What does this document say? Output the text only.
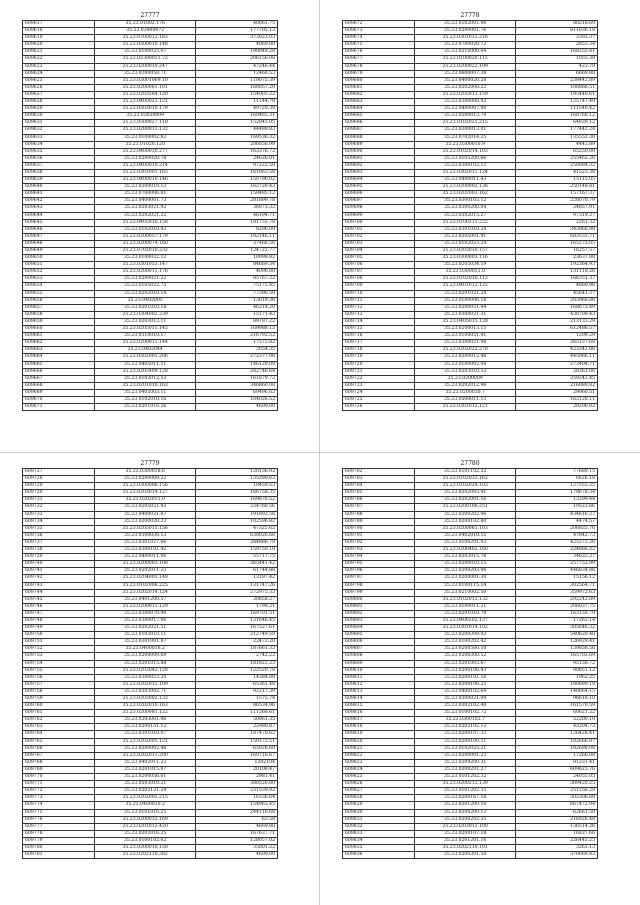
27777
609617	35.23.01002.176	40061.75
609618	35.23.03400072	177705.13
609619	35.23.0700012.183	373023.03
609620	35.23.0500010.148	4069.00
609621	35.23.0100025.07	190049.28
609622	35.23.02300011.72	206156.08
609623	35.23.0200010.247	47246.44
609624	35.23.0200050.71	12460.53
609625	35.23.03001069.10	119075.39
609626	35.23.0200081.101	168057.20
609627	35.23.0203584.120	154003.22
609628	35.23.0400023.121	11144.78
609629	35.23.0503010.179	49720.39
609630	35.23.03030009	160465.31
609631	35.23.0500027.110	152045.05
609632	35.23.0200011.132	44489.83
609633	35.23.0100002.82	169536.32
609634	35.23.01020.120	286856.99
609635	35.23.0400030.277	163376.72
609636	35.23.0200020.78	24626.01
609637	35.23.0400010.214	97222.50
609638	35.23.0301001.165	161063.58
609639	35.23.0400010.146	150796.02
609640	35.23.0200019.13	162720.43
609641	35.23.0700006.01	150485.12
609642	35.23.0400001.73	281899.78
609643	35.23.0203021.92	36873.32
609644	35.23.0202021.22	46194.71
609645	35.23.0405010.158	181755.78
609646	35.23.0102010.43	8296.09
609647	35.23.0200057.179	102146.11
609648	35.23.0200074.160	37466.56
609649	35.23.0702010.232	124722.77
609650	35.23.0100032.12	10098.82
609651	35.23.0301053.147	84669.34
609652	35.23.0200011.176	4096.00
609653	35.23.0200021.22	85767.22
609654	35.23.0105022.75	75175.45
609655	35.23.0202010.14	77390.50
609656	35.23.0402005	13019.36
609657	35.23.0201010.18	46314.20
609658	35.23.0304002.239	15171.42
609659	35.23.0203013.11	89797.22
609660	35.23.0205011.145	169988.13
609661	35.23.0310010.17	216792.52
609662	35.23.0200011.144	17575.82
609663	35.23.0402044	3054.35
609664	35.23.0502001.206	272377.06
609665	35.23.0405011.11	146129.09
609666	35.23.0203409.128	282746.64
609667	35.23.0102012.53	161879.72
609668	35.23.0201010.163	346860.08
609669	35.23.0405003.11	69496.63
609670	35.23.0102010.16	104026.52
609671	35.23.0201016.26	4609.00
27778
609672	35.23.0102001.96	80218.69
609673	35.23.0200001.76	811036.18
609674	35.23.0301013.216	2392.37
609675	35.23.0700020.72	2853.34
609676	35.23.0210000.04	168255.41
609677	35.23.0100020.115	1055.39
609678	35.23.0200022.199	423.79
609679	35.23.0600007.38	6669.88
609680	35.23.0400020.28	238442.89
609681	35.23.0202000.22	108866.51
609682	35.23.0205013.159	195440.61
609683	35.23.0300008.92	125747.49
609684	35.23.0400007.90	111540.42
609685	35.23.0500013.79	168768.12
609686	35.23.0102021.215	64839.12
609687	35.23.0200013.01	177442.24
609688	35.23.0702014.25	135552.30
609689	35.23.0300010.9	4443.89
609690	35.23.0102014.103	65250.00
609691	35.23.0105200.66	255462.26
609692	35.23.0300102.12	250084.32
609693	35.23.0302011.124	41523.38
609694	35.23.0400011.43	15115.05
609695	35.23.0200002.136	250148.81
609696	35.23.0202003.162	157167.37
609697	35.23.0300103.12	228070.79
609698	35.23.0300200.04	34857.91
609699	35.23.0302015.27	97319.27
609700	35.23.0100311.222	2261.32
609701	35.23.0301010.24	343968.98
609702	35.23.0205001.91	683533.71
609703	35.23.0102023.24	165275.05
609704	35.23.0203010.157	16257.57
609705	35.23.0300003.116	23637.88
609706	35.23.0205034.19	192364.93
609707	35.23.0300011.0	131118.26
609708	35.23.0102010.112	166351.37
609709	35.23.0401012.122	4869.96
609710	35.23.0201021.28	45641.37
609711	35.23.0100006.18	203968.86
609712	35.23.0200031.94	168673.49
609713	35.23.0300021.31	438709.43
609714	35.23.0405015.128	213133.29
609715	35.23.0200013.15	612486.57
609716	35.23.0100051.41	1299.29
609717	35.23.0300021.98	265137.68
609718	35.23.0202022.278	423342.06
609719	35.23.0200012.46	445966.11
609720	35.23.0100002.04	273404.71
609721	35.23.0203010.52	28361.06
609722	35.23.0200009	359242.45
609723	35.23.0202012.96	216089.82
609724	35.23.0200030.7	29060.51
609725	35.23.0500011.13	163128.11
609726	35.23.0301012.121	29206.02
27779
609727	35.23.0300018.6	120136.92
609728	35.23.0200009.22	135289.63
609729	35.23.0300006.156	19459.53
609730	35.23.0203014.127	166758.35
609731	35.23.0202011.0	169876.52
609732	35.23.0205021.93	234760.56
609733	35.23.0400021.67	191893.56
609734	35.23.0200020.23	102596.82
609735	35.23.0205011.156	47325.62
609736	35.23.0300030.13	638026.66
609737	35.23.0301027.06	284886.79
609738	35.23.0300101.42	159750.10
609739	35.23.0400011.06	55717.75
609740	35.23.0200003.108	365441.42
609741	35.23.0202011.23	61744.88
609742	35.23.0204001.149	13197.42
609743	35.23.0102006.225	131747.26
609744	35.23.0202014.124	272975.33
609745	35.23.0401200.57	30658.27
609746	35.23.0200011.129	1799.21
609747	35.23.0300070.90	169701.51
609748	35.23.0300017.06	131646.45
609749	35.23.0202021.51	167527.61
609750	35.23.0103010.11	212749.59
609751	35.23.0301001.87	22473.20
609752	35.23.0400016.2	187661.33
609753	35.23.0200009.69	2742.22
609754	35.23.0201015.88	181823.23
609755	35.23.0203042.128	122520.78
609756	35.23.0300023.20	14384.88
609757	35.23.0202012.109	65361.48
609758	35.23.0303002.71	92217.39
609759	35.23.0203002.132	1575.74
609760	35.23.0202010.163	86534.96
609761	35.23.0200081.122	111566.61
609762	35.23.0203001.06	50961.35
609763	35.23.0200151.12	22980.87
609764	35.23.0301010.07	187470.62
609765	35.23.0202005.121	150172.51
609766	35.23.0200002.46	65026.60
609767	35.23.0202011.200	169716.67
609768	35.23.0402011.22	1202104
609769	35.23.0201015.07	20108.47
609770	35.23.0200056.61	2981.41
609771	35.23.0503010.21	380526.80
609772	35.23.0202121.24	231539.92
609773	35.23.0202001.215	16336.64
609774	35.23.0400020.2	154963.45
609775	35.23.0101016.25	244116.68
609776	35.23.0200033.169	63.58
609777	35.23.0201012.420	4669.80
609778	35.23.0202016.25	167637.71
609779	35.23.0100102.62	128057.02
609780	35.23.0300010.150	35001.22
609781	35.23.0202110.382	4609.00
27780
609782	35.23.0101102.32	77689.15
609783	35.23.0102033.162	6626.18
609784	35.23.0102024.103	127553.25
609785	35.23.0202003.41	178678.34
609786	35.23.0202001.16	13299.44
609787	35.23.0200106.251	19522.66
609788	35.23.0200202.96	434616.27
609789	35.23.0200102.80	4474.57
609790	35.23.0200065.103	206835.76
609791	35.23.0402010.15	47842.73
609792	35.23.0100201.03	425373.26
609793	35.23.0200402.160	224866.22
609794	35.23.0203015.78	34633.27
609795	35.23.0200010.15	257752.99
609796	35.23.0200203.06	446834.86
609797	35.23.0200001.30	15156.12
609798	35.23.0100115.14	302564.71
609799	35.23.0210002.50	359972.63
609800	35.23.0102012.132	292242.89
609801	35.23.0100011.21	206037.75
609802	35.23.0201010.79	163158.79
609803	35.23.0400202.137	17263.14
609804	35.23.0301014.102	305646.32
609805	35.23.0200309.02	540620.40
609806	35.23.0100202.42	126929.41
609807	35.23.0200500.10	139856.56
609808	35.23.0206300.52	165702.69
609809	35.23.0201003.67	95158.72
609810	35.23.0200106.43	90651.12
609811	35.23.0200101.16	1962.25
609812	35.23.0200106.23	100689.19
609813	35.23.0400102.69	140664.15
609814	35.23.0300021.09	96618.10
609815	35.23.0302102.40	161570.59
609816	35.23.0100102.72	60621.22
609817	35.23.0300102.7	52200.10
609818	35.23.0202102.13	43204.73
609819	35.23.0200107.33	126428.41
609820	35.23.0200100.21	102666.97
609821	35.23.0102025.21	102688.08
609822	35.23.0200001.23	17266.08
609823	35.23.0204200.31	81231.41
609824	35.23.0200201.27	609623.76
609825	35.23.0101202.32	24055.05
609826	35.23.0200213.139	309420.25
609827	35.23.0101202.35	251256.29
609828	35.23.0200167.18	302306.68
609829	35.23.0201200.10	667472.94
609830	35.23.0200200.13	62661.50
609831	35.23.0200202.35	216926.48
609832	35.23.0203012.100	136514.26
609833	35.23.0200107.18	16827.66
609834	35.23.0201201.16	226445.25
609835	35.23.0202110.101	3263.13
609836	35.23.0200301.58	376669.43
